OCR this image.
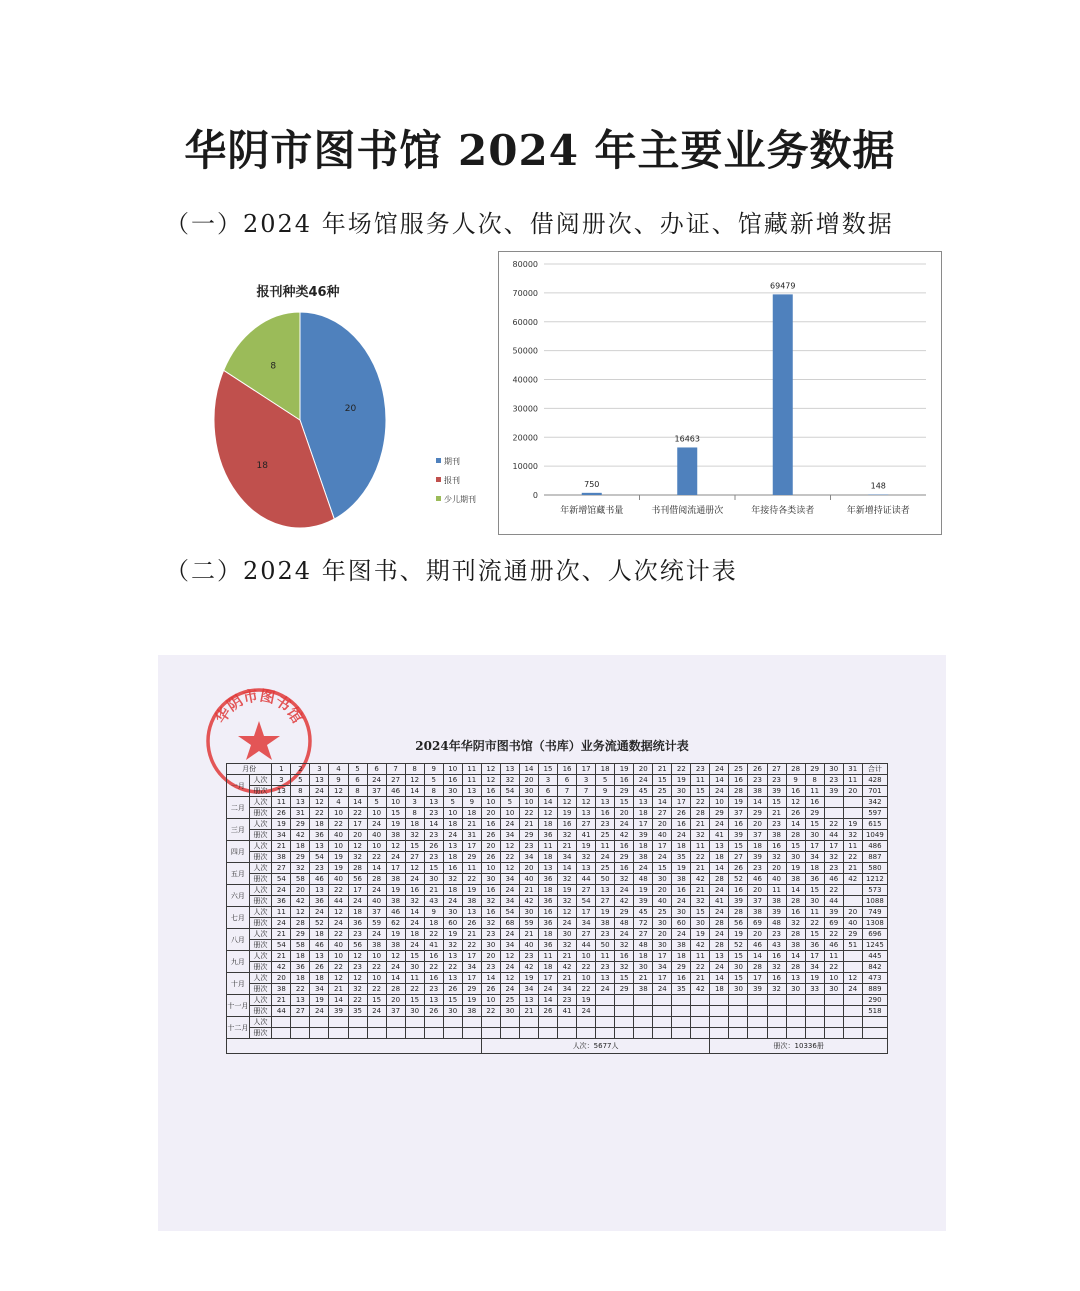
华阴市图书馆 2024 年主要业务数据

（一）2024 年场馆服务人次、借阅册次、办证、馆藏新增数据

报刊种类46种
20
18
8
期刊
报刊
少儿期刊	0
10000
20000
30000
40000
50000
60000
70000
80000
750
年新增馆藏书量
16463
书刊借阅流通册次
69479
年接待各类读者
148
年新增持证读者

（二）2024 年图书、期刊流通册次、人次统计表

华阴市图书馆

2024年华阴市图书馆（书库）业务流通数据统计表

月份		1	2	3	4	5	6	7	8	9	10	11	12	13	14	15	16	17	18	19	20	21	22	23	24	25	26	27	28	29	30	31	合计
一月	人次	3	5	13	9	6	24	27	12	5	16	11	12	32	20	3	6	3	5	16	24	15	19	11	14	16	23	23	9	8	23	11	428
	册次	13	8	24	12	8	37	46	14	8	30	13	16	54	30	6	7	7	9	29	45	25	30	15	24	28	38	39	16	11	39	20	701
二月	人次	11	13	12	4	14	5	10	3	13	5	9	10	5	10	14	12	12	13	15	13	14	17	22	10	19	14	15	12	16			342
	册次	26	31	22	10	22	10	15	8	23	10	18	20	10	22	12	19	13	16	20	18	27	26	28	29	37	29	21	26	29			597
三月	人次	19	29	18	22	17	24	19	18	14	18	21	16	24	21	18	16	27	23	24	17	20	16	21	24	16	20	23	14	15	22	19	615
	册次	34	42	36	40	20	40	38	32	23	24	31	26	34	29	36	32	41	25	42	39	40	24	32	41	39	37	38	28	30	44	32	1049
四月	人次	21	18	13	10	12	10	12	15	26	13	17	20	12	23	11	21	19	11	16	18	17	18	11	13	15	18	16	15	17	17	11	486
	册次	38	29	54	19	32	22	24	27	23	18	29	26	22	34	18	34	32	24	29	38	24	35	22	18	27	39	32	30	34	32	22	887
五月	人次	27	32	23	19	28	14	17	12	15	16	11	10	12	20	13	14	13	25	16	24	15	19	21	14	26	23	20	19	18	23	21	580
	册次	54	58	46	40	56	28	38	24	30	32	22	30	34	40	36	32	44	50	32	48	30	38	42	28	52	46	40	38	36	46	42	1212
六月	人次	24	20	13	22	17	24	19	16	21	18	19	16	24	21	18	19	27	13	24	19	20	16	21	24	16	20	11	14	15	22		573
	册次	36	42	36	44	24	40	38	32	43	24	38	32	34	42	36	32	54	27	42	39	40	24	32	41	39	37	38	28	30	44		1088
七月	人次	11	12	24	12	18	37	46	14	9	30	13	16	54	30	16	12	17	19	29	45	25	30	15	24	28	38	39	16	11	39	20	749
	册次	24	28	52	24	36	59	62	24	18	60	26	32	68	59	36	24	34	38	48	72	30	60	30	28	56	69	48	32	22	69	40	1308
八月	人次	21	29	18	22	23	24	19	18	22	19	21	23	24	21	18	30	27	23	24	27	20	24	19	24	19	20	23	28	15	22	29	696
	册次	54	58	46	40	56	38	38	24	41	32	22	30	34	40	36	32	44	50	32	48	30	38	42	28	52	46	43	38	36	46	51	1245
九月	人次	21	18	13	10	12	10	12	15	16	13	17	20	12	23	11	21	10	11	16	18	17	18	11	13	15	14	16	14	17	11		445
	册次	42	36	26	22	23	22	24	30	22	22	34	23	24	42	18	42	22	23	32	30	34	29	22	24	30	28	32	28	34	22		842
十月	人次	20	18	18	12	12	10	14	11	16	13	17	14	12	19	17	21	10	13	15	21	17	16	21	14	15	17	16	13	19	10	12	473
	册次	38	22	34	21	32	22	28	22	23	26	29	26	24	34	24	34	22	24	29	38	24	35	42	18	30	39	32	30	33	30	24	889
十一月	人次	21	13	19	14	22	15	20	15	13	15	19	10	25	13	14	23	19															290
	册次	44	27	24	39	35	24	37	30	26	30	38	22	30	21	26	41	24															518
十二月	人次																																
	册次																																
													人次：5677人												册次：10336册								
